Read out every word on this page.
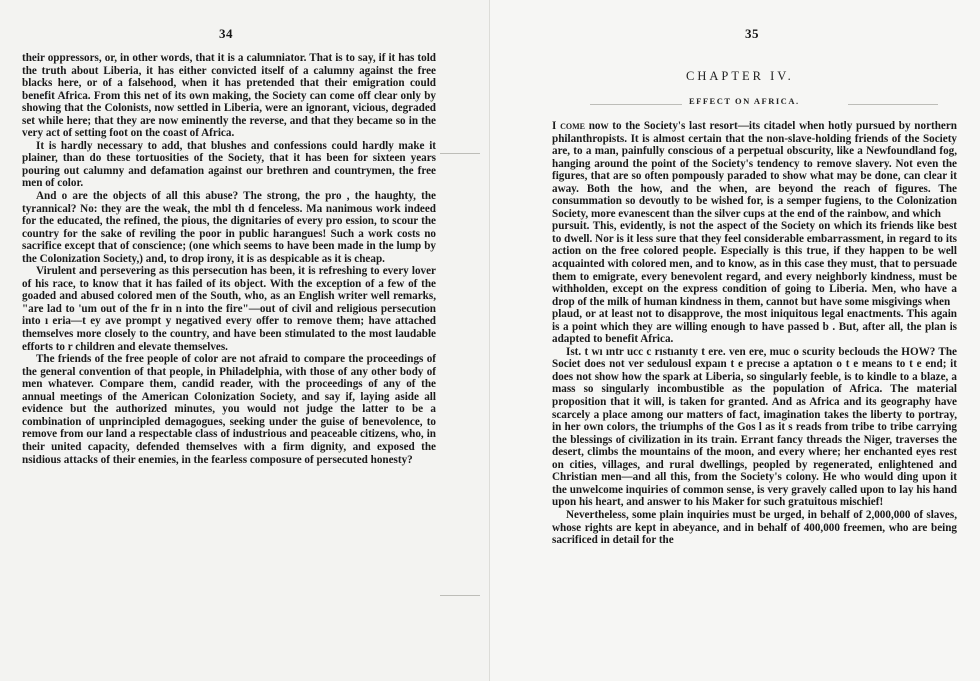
34

their oppressors, or, in other words, that it is a calumniator. That is to say, if it has told the truth about Liberia, it has either convicted itself of a calumny against the free blacks here, or of a falsehood, when it has pretended that their emigration could benefit Africa. From this net of its own making, the Society can come off clear only by showing that the Colonists, now settled in Liberia, were an ignorant, vicious, degraded set while here; that they are now eminently the reverse, and that they became so in the very act of setting foot on the coast of Africa.

It is hardly necessary to add, that blushes and confessions could hardly make it plainer, than do these tortuosities of the Society, that it has been for sixteen years pouring out calumny and defamation against our brethren and countrymen, the free men of color.

And o are the objects of all this abuse? The strong, the pro , the haughty, the tyrannical? No: they are the weak, the mbl th d fenceless. Ma nanimous work indeed for the educated, the refined, the pious, the dignitaries of every pro ession, to scour the country for the sake of reviling the poor in public harangues! Such a work costs no sacrifice except that of conscience; (one which seems to have been made in the lump by the Colonization Society,) and, to drop irony, it is as despicable as it is cheap.

Virulent and persevering as this persecution has been, it is refreshing to every lover of his race, to know that it has failed of its object. With the exception of a few of the goaded and abused colored men of the South, who, as an English writer well remarks, "are lad to 'um out of the fr in n into the fire"—out of civil and religious persecution into ı eria—t ey ave prompt y negatived every offer to remove them; have attached themselves more closely to the country, and have been stimulated to the most laudable efforts to r children and elevate themselves.

The friends of the free people of color are not afraid to compare the proceedings of the general convention of that people, in Philadelphia, with those of any other body of men whatever. Compare them, candid reader, with the proceedings of any of the annual meetings of the American Colonization Society, and say if, laying aside all evidence but the authorized minutes, you would not judge the latter to be a combination of unprincipled demagogues, seeking under the guise of benevolence, to remove from our land a respectable class of industrious and peaceable citizens, who, in their united capacity, defended themselves with a firm dignity, and exposed the nsidious attacks of their enemies, in the fearless composure of persecuted honesty?

35
CHAPTER IV.
EFFECT ON AFRICA.

I come now to the Society's last resort—its citadel when hotly pursued by northern philanthropists. It is almost certain that the non-slave-holding friends of the Society are, to a man, painfully conscious of a perpetual obscurity, like a Newfoundland fog, hanging around the point of the Society's tendency to remove slavery. Not even the figures, that are so often pompously paraded to show what may be done, can clear it away. Both the how, and the when, are beyond the reach of figures. The consummation so devoutly to be wished for, is a semper fugiens, to the Colonization Society, more evanescent than the silver cups at the end of the rainbow, and which

pursuit. This, evidently, is not the aspect of the Society on which its friends like best to dwell. Nor is it less sure that they feel considerable embarrassment, in regard to its action on the free colored people. Especially is this true, if they happen to be well acquainted with colored men, and to know, as in this case they must, that to persuade them to emigrate, every benevolent regard, and every neighborly kindness, must be withholden, except on the express condition of going to Liberia. Men, who have a drop of the milk of human kindness in them, cannot but have some misgivings when

plaud, or at least not to disapprove, the most iniquitous legal enactments. This again is a point which they are willing enough to have passed b . But, after all, the plan is adapted to benefit Africa.

Ist. t wı ıntr ucc c rıstıanıty t ere. ven ere, muc o scurity beclouds the HOW? The Societ does not ver sedulousl expaın t e precıse a aptatıon o t e means to t e end; it does not show how the spark at Liberia, so singularly feeble, is to kindle to a blaze, a mass so singularly incombustible as the population of Africa. The material proposition that it will, is taken for granted. And as Africa and its geography have scarcely a place among our matters of fact, imagination takes the liberty to portray, in her own colors, the triumphs of the Gos l as it s reads from tribe to tribe carrying the blessings of civilization in its train. Errant fancy threads the Niger, traverses the desert, climbs the mountains of the moon, and every where; her enchanted eyes rest on cities, villages, and rural dwellings, peopled by regenerated, enlightened and Christian men—and all this, from the Society's colony. He who would ding upon it the unwelcome inquiries of common sense, is very gravely called upon to lay his hand upon his heart, and answer to his Maker for such gratuitous mischief!

Nevertheless, some plain inquiries must be urged, in behalf of 2,000,000 of slaves, whose rights are kept in abeyance, and in behalf of 400,000 freemen, who are being sacrificed in detail for the
